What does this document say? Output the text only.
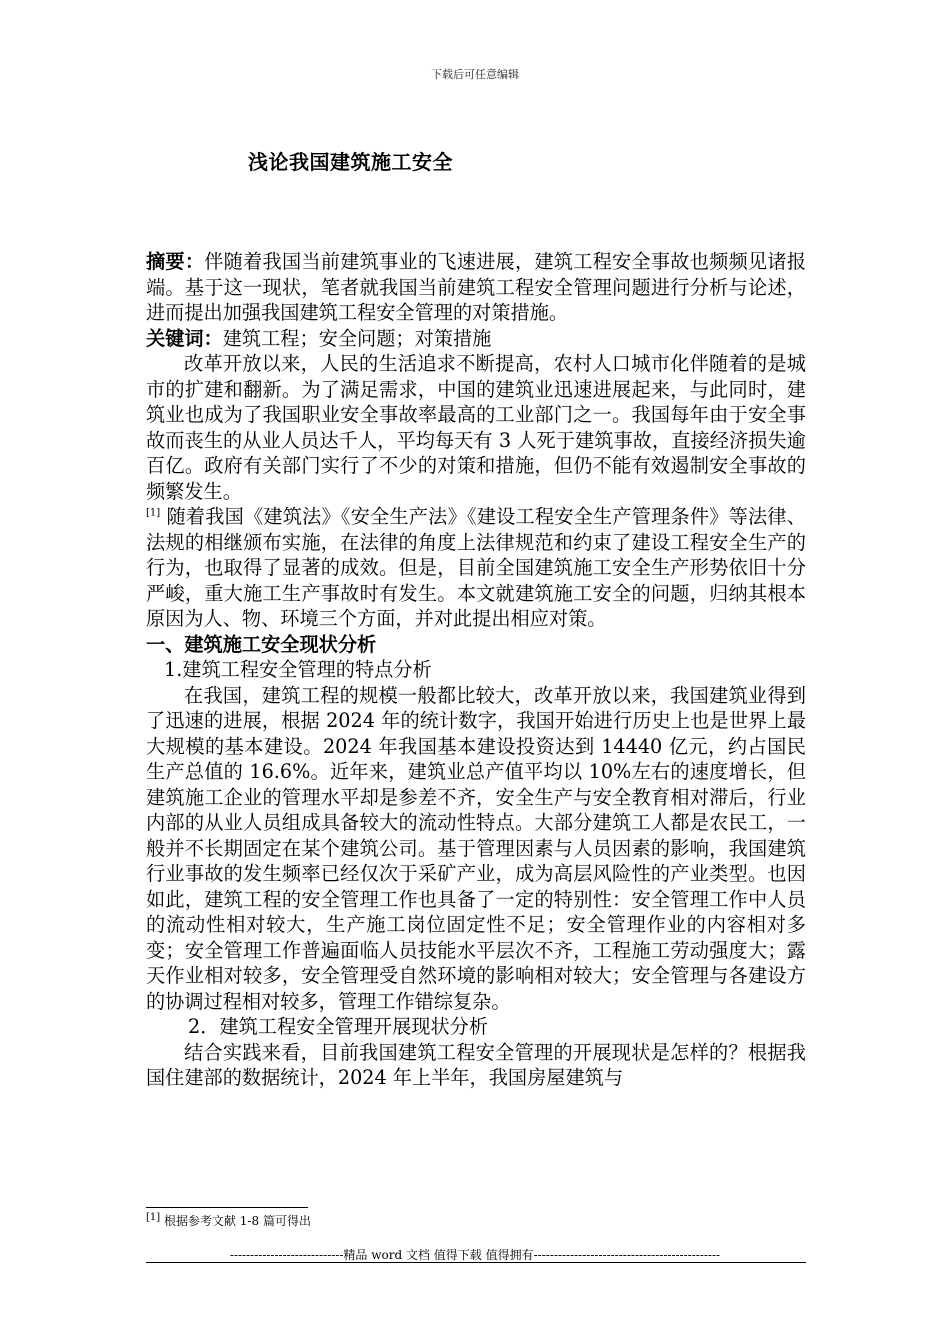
下载后可任意编辑
浅论我国建筑施工安全

摘要：伴随着我国当前建筑事业的飞速进展，建筑工程安全事故也频频见诸报端。基于这一现状，笔者就我国当前建筑工程安全管理问题进行分析与论述，进而提出加强我国建筑工程安全管理的对策措施。

关键词：建筑工程；安全问题；对策措施

改革开放以来，人民的生活追求不断提高，农村人口城市化伴随着的是城市的扩建和翻新。为了满足需求，中国的建筑业迅速进展起来，与此同时，建筑业也成为了我国职业安全事故率最高的工业部门之一。我国每年由于安全事故而丧生的从业人员达千人，平均每天有 3 人死于建筑事故，直接经济损失逾百亿。政府有关部门实行了不少的对策和措施，但仍不能有效遏制安全事故的频繁发生。
[1] 随着我国《建筑法》《安全生产法》《建设工程安全生产管理条件》等法律、法规的相继颁布实施，在法律的角度上法律规范和约束了建设工程安全生产的行为，也取得了显著的成效。但是，目前全国建筑施工安全生产形势依旧十分严峻，重大施工生产事故时有发生。本文就建筑施工安全的问题，归纳其根本原因为人、物、环境三个方面，并对此提出相应对策。

一、建筑施工安全现状分析

1.建筑工程安全管理的特点分析

在我国，建筑工程的规模一般都比较大，改革开放以来，我国建筑业得到了迅速的进展，根据 2024 年的统计数字，我国开始进行历史上也是世界上最大规模的基本建设。2024 年我国基本建设投资达到 14440 亿元，约占国民生产总值的 16.6%。近年来，建筑业总产值平均以 10%左右的速度增长，但建筑施工企业的管理水平却是参差不齐，安全生产与安全教育相对滞后，行业内部的从业人员组成具备较大的流动性特点。大部分建筑工人都是农民工，一般并不长期固定在某个建筑公司。基于管理因素与人员因素的影响，我国建筑行业事故的发生频率已经仅次于采矿产业，成为高层风险性的产业类型。也因如此，建筑工程的安全管理工作也具备了一定的特别性：安全管理工作中人员的流动性相对较大，生产施工岗位固定性不足；安全管理作业的内容相对多变；安全管理工作普遍面临人员技能水平层次不齐，工程施工劳动强度大；露天作业相对较多，安全管理受自然环境的影响相对较大；安全管理与各建设方的协调过程相对较多，管理工作错综复杂。

2．建筑工程安全管理开展现状分析

结合实践来看，目前我国建筑工程安全管理的开展现状是怎样的？根据我国住建部的数据统计，2024 年上半年，我国房屋建筑与

[1] 根据参考文献 1-8 篇可得出
----------------------------精品 word 文档 值得下载 值得拥有----------------------------------------------
